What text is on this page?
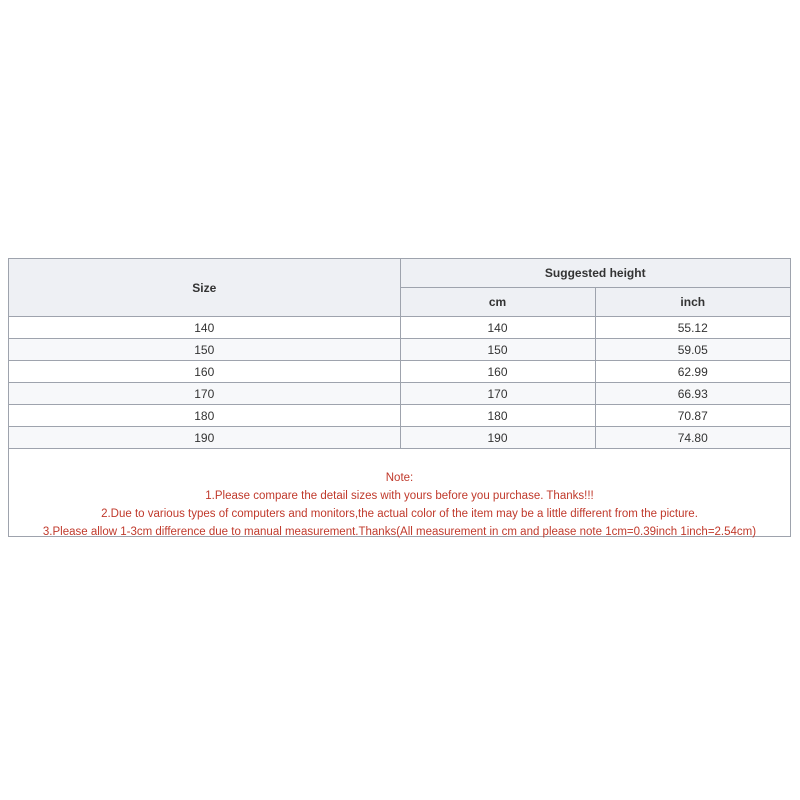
Size	Suggested height	
	cm	inch
140	140	55.12
150	150	59.05
160	160	62.99
170	170	66.93
180	180	70.87
190	190	74.80
Note:
1.Please compare the detail sizes with yours before you purchase. Thanks!!!
2.Due to various types of computers and monitors,the actual color of the item may be a little different from the picture.
3.Please allow 1-3cm difference due to manual measurement.Thanks(All measurement in cm and please note 1cm=0.39inch 1inch=2.54cm)
